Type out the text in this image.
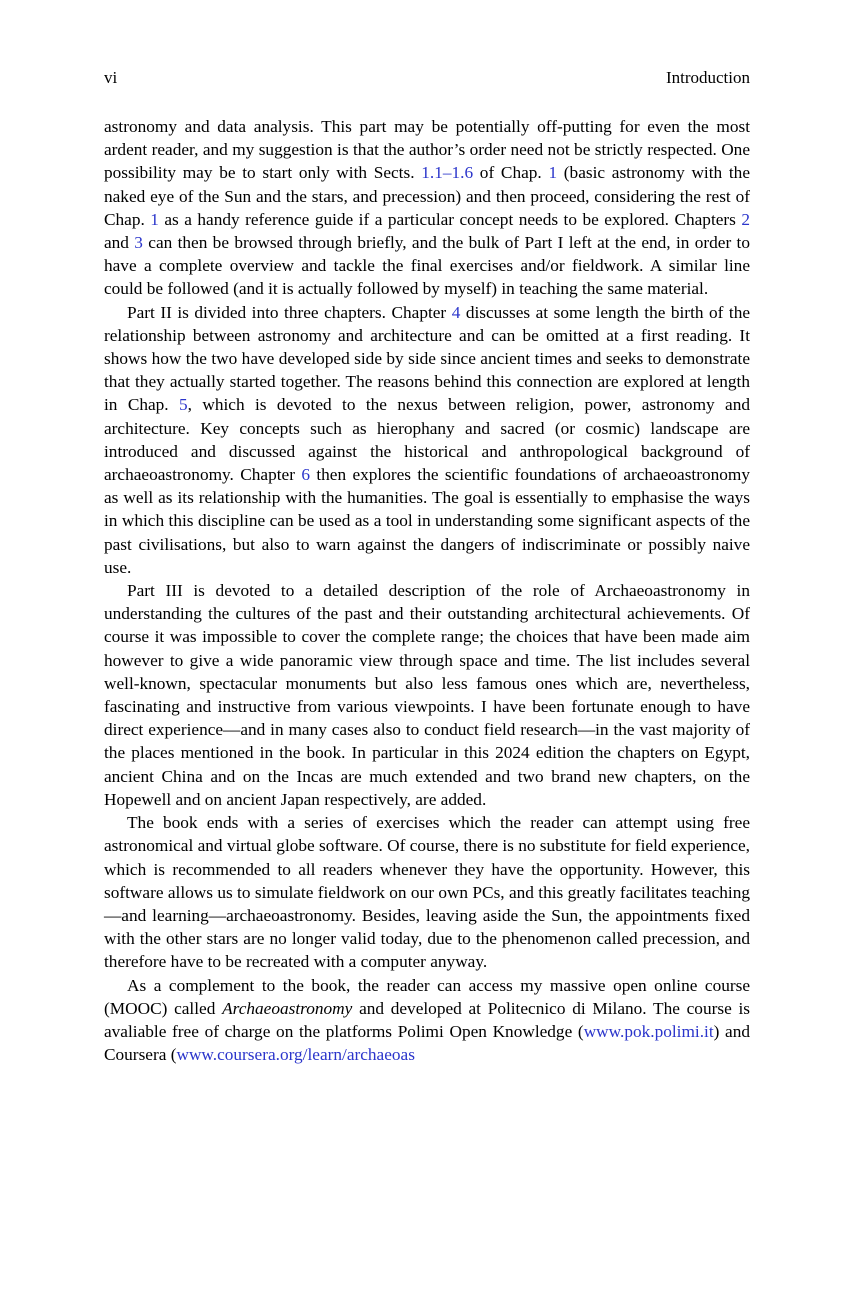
vi	Introduction

astronomy and data analysis. This part may be potentially off-putting for even the most ardent reader, and my suggestion is that the author’s order need not be strictly respected. One possibility may be to start only with Sects. 1.1–1.6 of Chap. 1 (basic astronomy with the naked eye of the Sun and the stars, and precession) and then proceed, considering the rest of Chap. 1 as a handy reference guide if a particular concept needs to be explored. Chapters 2 and 3 can then be browsed through briefly, and the bulk of Part I left at the end, in order to have a complete overview and tackle the final exercises and/or fieldwork. A similar line could be followed (and it is actually followed by myself) in teaching the same material.

Part II is divided into three chapters. Chapter 4 discusses at some length the birth of the relationship between astronomy and architecture and can be omitted at a first reading. It shows how the two have developed side by side since ancient times and seeks to demonstrate that they actually started together. The reasons behind this connection are explored at length in Chap. 5, which is devoted to the nexus between religion, power, astronomy and architecture. Key concepts such as hierophany and sacred (or cosmic) landscape are introduced and discussed against the historical and anthropological background of archaeoastronomy. Chapter 6 then explores the scientific foundations of archaeoastronomy as well as its relationship with the humanities. The goal is essentially to emphasise the ways in which this discipline can be used as a tool in understanding some significant aspects of the past civilisations, but also to warn against the dangers of indiscriminate or possibly naive use.

Part III is devoted to a detailed description of the role of Archaeoastronomy in understanding the cultures of the past and their outstanding architectural achievements. Of course it was impossible to cover the complete range; the choices that have been made aim however to give a wide panoramic view through space and time. The list includes several well-known, spectacular monuments but also less famous ones which are, nevertheless, fascinating and instructive from various viewpoints. I have been fortunate enough to have direct experience—and in many cases also to conduct field research—in the vast majority of the places mentioned in the book. In particular in this 2024 edition the chapters on Egypt, ancient China and on the Incas are much extended and two brand new chapters, on the Hopewell and on ancient Japan respectively, are added.

The book ends with a series of exercises which the reader can attempt using free astronomical and virtual globe software. Of course, there is no substitute for field experience, which is recommended to all readers whenever they have the opportunity. However, this software allows us to simulate fieldwork on our own PCs, and this greatly facilitates teaching—and learning—archaeoastronomy. Besides, leaving aside the Sun, the appointments fixed with the other stars are no longer valid today, due to the phenomenon called precession, and therefore have to be recreated with a computer anyway.

As a complement to the book, the reader can access my massive open online course (MOOC) called Archaeoastronomy and developed at Politecnico di Milano. The course is avaliable free of charge on the platforms Polimi Open Knowledge (www.pok.polimi.it) and Coursera (www.coursera.org/learn/archaeoas
